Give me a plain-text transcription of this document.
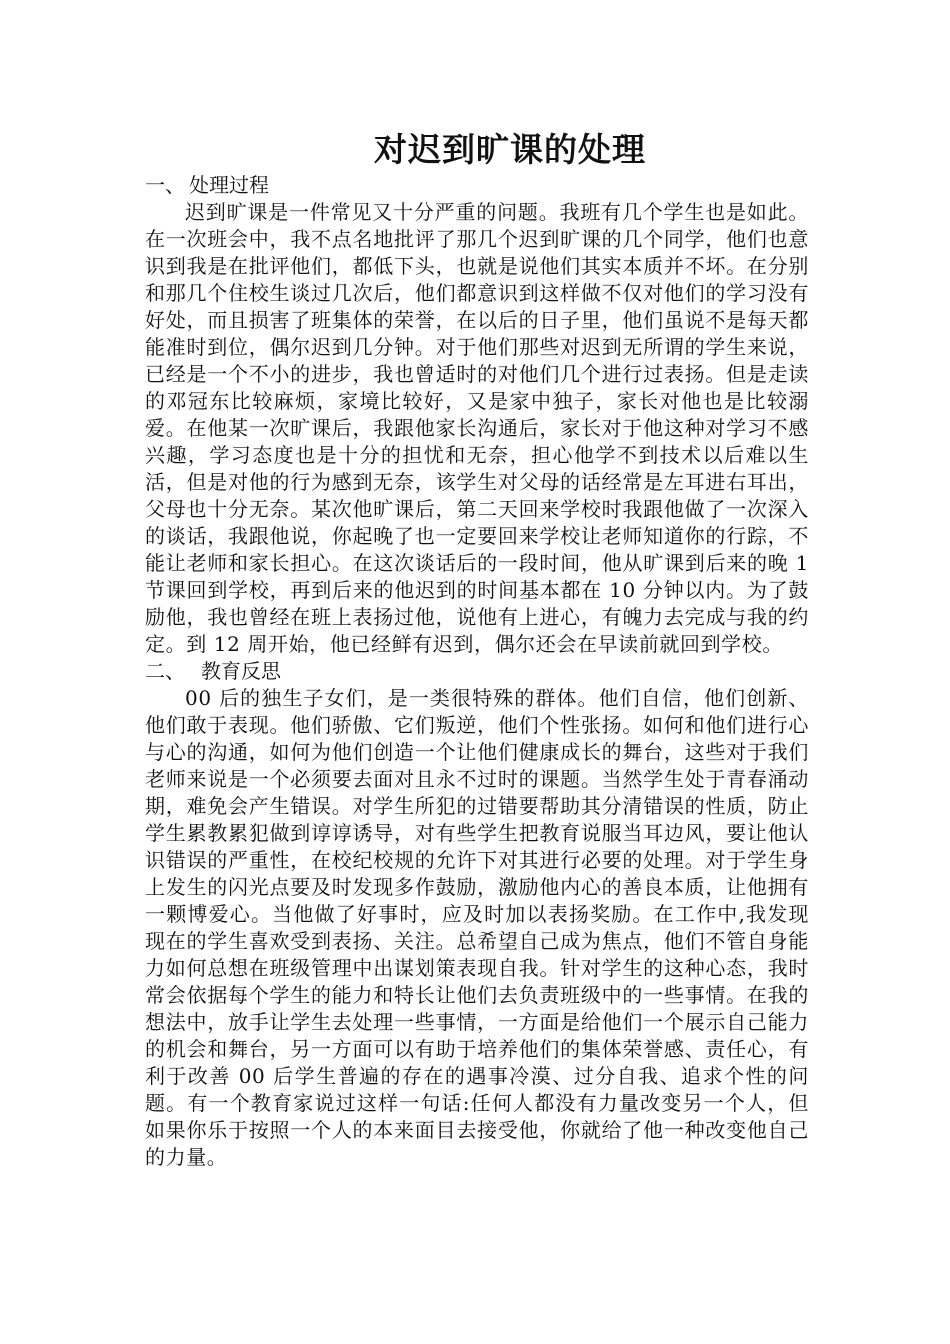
对迟到旷课的处理
一、 处理过程

迟到旷课是一件常见又十分严重的问题。我班有几个学生也是如此。在一次班会中，我不点名地批评了那几个迟到旷课的几个同学，他们也意识到我是在批评他们，都低下头，也就是说他们其实本质并不坏。在分别和那几个住校生谈过几次后，他们都意识到这样做不仅对他们的学习没有好处，而且损害了班集体的荣誉，在以后的日子里，他们虽说不是每天都能准时到位，偶尔迟到几分钟。对于他们那些对迟到无所谓的学生来说，已经是一个不小的进步，我也曾适时的对他们几个进行过表扬。但是走读的邓冠东比较麻烦，家境比较好，又是家中独子，家长对他也是比较溺爱。在他某一次旷课后，我跟他家长沟通后，家长对于他这种对学习不感兴趣，学习态度也是十分的担忧和无奈，担心他学不到技术以后难以生活，但是对他的行为感到无奈，该学生对父母的话经常是左耳进右耳出，父母也十分无奈。某次他旷课后，第二天回来学校时我跟他做了一次深入的谈话，我跟他说，你起晚了也一定要回来学校让老师知道你的行踪，不能让老师和家长担心。在这次谈话后的一段时间，他从旷课到后来的晚 1 节课回到学校，再到后来的他迟到的时间基本都在 10 分钟以内。为了鼓励他，我也曾经在班上表扬过他，说他有上进心，有魄力去完成与我的约定。到 12 周开始，他已经鲜有迟到，偶尔还会在早读前就回到学校。

二、 教育反思

00 后的独生子女们，是一类很特殊的群体。他们自信，他们创新、他们敢于表现。他们骄傲、它们叛逆，他们个性张扬。如何和他们进行心与心的沟通，如何为他们创造一个让他们健康成长的舞台，这些对于我们老师来说是一个必须要去面对且永不过时的课题。当然学生处于青春涌动期，难免会产生错误。对学生所犯的过错要帮助其分清错误的性质，防止学生累教累犯做到谆谆诱导，对有些学生把教育说服当耳边风，要让他认识错误的严重性，在校纪校规的允许下对其进行必要的处理。对于学生身上发生的闪光点要及时发现多作鼓励，激励他内心的善良本质，让他拥有一颗博爱心。当他做了好事时，应及时加以表扬奖励。在工作中,我发现现在的学生喜欢受到表扬、关注。总希望自己成为焦点，他们不管自身能力如何总想在班级管理中出谋划策表现自我。针对学生的这种心态，我时常会依据每个学生的能力和特长让他们去负责班级中的一些事情。在我的想法中，放手让学生去处理一些事情，一方面是给他们一个展示自己能力的机会和舞台，另一方面可以有助于培养他们的集体荣誉感、责任心，有利于改善 00 后学生普遍的存在的遇事冷漠、过分自我、追求个性的问题。有一个教育家说过这样一句话:任何人都没有力量改变另一个人，但如果你乐于按照一个人的本来面目去接受他，你就给了他一种改变他自己的力量。
